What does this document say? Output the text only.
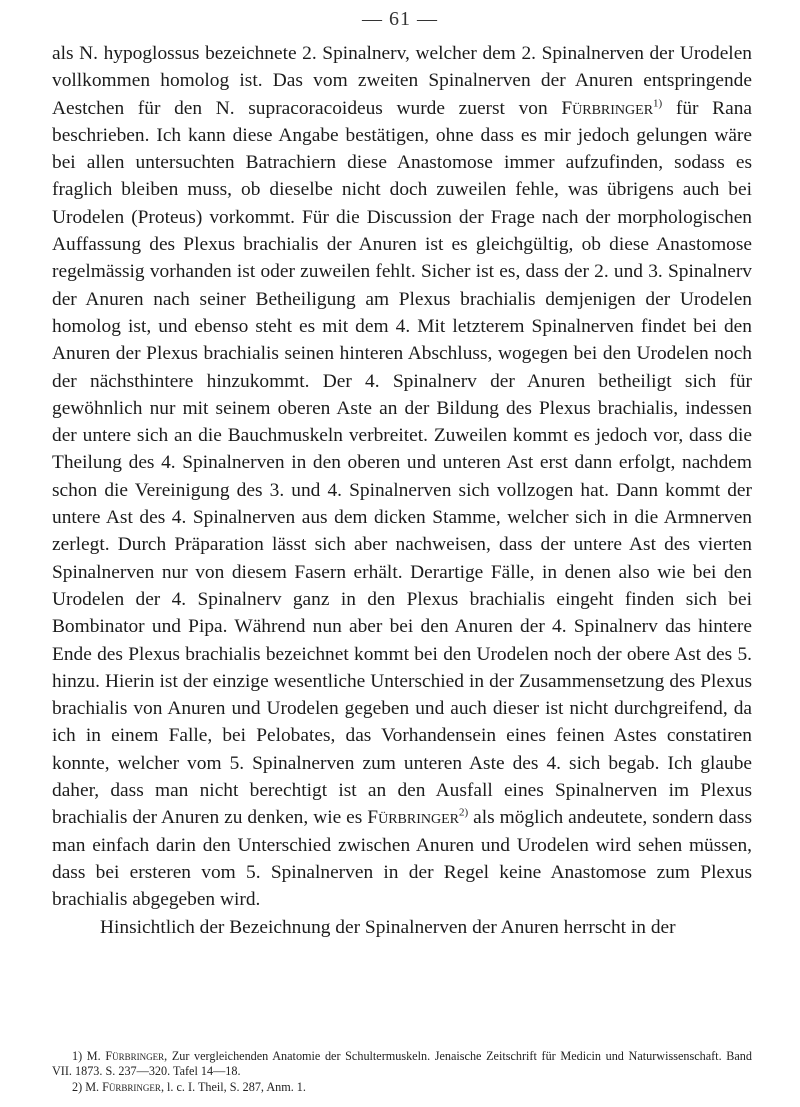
— 61 —

als N. hypoglossus bezeichnete 2. Spinalnerv, welcher dem 2. Spinalnerven der Urodelen vollkommen homolog ist. Das vom zweiten Spinalnerven der Anuren entspringende Aestchen für den N. supracoracoideus wurde zuerst von Fürbringer$^{1)}$ für Rana beschrieben. Ich kann diese Angabe bestätigen, ohne dass es mir jedoch gelungen wäre bei allen untersuchten Batrachiern diese Anastomose immer aufzufinden, sodass es fraglich bleiben muss, ob dieselbe nicht doch zuweilen fehle, was übrigens auch bei Urodelen (Proteus) vorkommt. Für die Discussion der Frage nach der morphologischen Auffassung des Plexus brachialis der Anuren ist es gleichgültig, ob diese Anastomose regelmässig vorhanden ist oder zuweilen fehlt. Sicher ist es, dass der 2. und 3. Spinalnerv der Anuren nach seiner Betheiligung am Plexus brachialis demjenigen der Urodelen homolog ist, und ebenso steht es mit dem 4. Mit letzterem Spinalnerven findet bei den Anuren der Plexus brachialis seinen hinteren Abschluss, wogegen bei den Urodelen noch der nächsthintere hinzukommt. Der 4. Spinalnerv der Anuren betheiligt sich für gewöhnlich nur mit seinem oberen Aste an der Bildung des Plexus brachialis, indessen der untere sich an die Bauchmuskeln verbreitet. Zuweilen kommt es jedoch vor, dass die Theilung des 4. Spinalnerven in den oberen und unteren Ast erst dann erfolgt, nachdem schon die Vereinigung des 3. und 4. Spinalnerven sich vollzogen hat. Dann kommt der untere Ast des 4. Spinalnerven aus dem dicken Stamme, welcher sich in die Armnerven zerlegt. Durch Präparation lässt sich aber nachweisen, dass der untere Ast des vierten Spinalnerven nur von diesem Fasern erhält. Derartige Fälle, in denen also wie bei den Urodelen der 4. Spinalnerv ganz in den Plexus brachialis eingeht finden sich bei Bombinator und Pipa. Während nun aber bei den Anuren der 4. Spinalnerv das hintere Ende des Plexus brachialis bezeichnet kommt bei den Urodelen noch der obere Ast des 5. hinzu. Hierin ist der einzige wesentliche Unterschied in der Zusammensetzung des Plexus brachialis von Anuren und Urodelen gegeben und auch dieser ist nicht durchgreifend, da ich in einem Falle, bei Pelobates, das Vorhandensein eines feinen Astes constatiren konnte, welcher vom 5. Spinalnerven zum unteren Aste des 4. sich begab. Ich glaube daher, dass man nicht berechtigt ist an den Ausfall eines Spinalnerven im Plexus brachialis der Anuren zu denken, wie es Fürbringer$^{2)}$ als möglich andeutete, sondern dass man einfach darin den Unterschied zwischen Anuren und Urodelen wird sehen müssen, dass bei ersteren vom 5. Spinalnerven in der Regel keine Anastomose zum Plexus brachialis abgegeben wird.

Hinsichtlich der Bezeichnung der Spinalnerven der Anuren herrscht in der

1) M. Fürbringer, Zur vergleichenden Anatomie der Schultermuskeln. Jenaische Zeitschrift für Medicin und Naturwissenschaft. Band VII. 1873. S. 237—320. Tafel 14—18.

2) M. Fürbringer, l. c. I. Theil, S. 287, Anm. 1.
